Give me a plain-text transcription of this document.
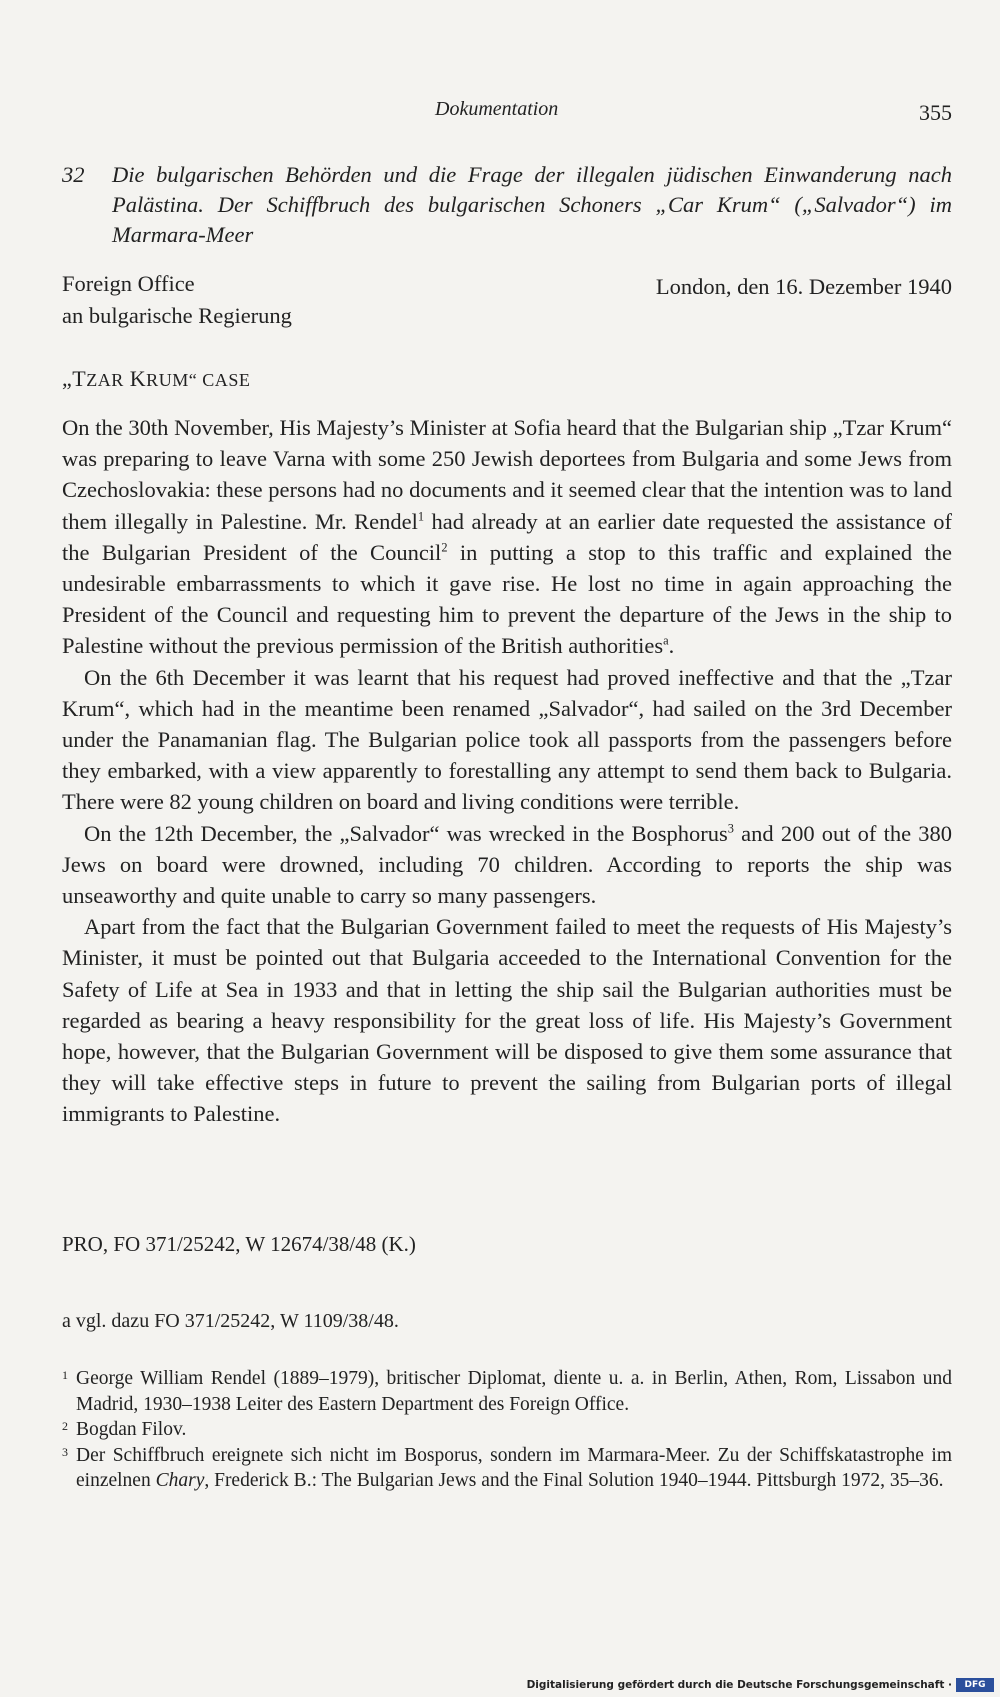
Dokumentation	355
32 Die bulgarischen Behörden und die Frage der illegalen jüdischen Einwanderung nach Palästina. Der Schiffbruch des bulgarischen Schoners „Car Krum“ („Salvador“) im Marmara-Meer
Foreign Office
an bulgarische Regierung
London, den 16. Dezember 1940
„TZAR KRUM“ CASE

On the 30th November, His Majesty’s Minister at Sofia heard that the Bulgarian ship „Tzar Krum“ was preparing to leave Varna with some 250 Jewish deportees from Bulgaria and some Jews from Czechoslovakia: these persons had no documents and it seemed clear that the intention was to land them illegally in Palestine. Mr. Rendel$^1$ had already at an earlier date requested the assistance of the Bulgarian President of the Council$^2$ in putting a stop to this traffic and explained the undesirable embarrassments to which it gave rise. He lost no time in again approaching the President of the Council and requesting him to prevent the departure of the Jews in the ship to Palestine without the previous permission of the British authorities$^a$.

On the 6th December it was learnt that his request had proved ineffective and that the „Tzar Krum“, which had in the meantime been renamed „Salvador“, had sailed on the 3rd December under the Panamanian flag. The Bulgarian police took all passports from the passengers before they embarked, with a view apparently to forestalling any attempt to send them back to Bulgaria. There were 82 young children on board and living conditions were terrible.

On the 12th December, the „Salvador“ was wrecked in the Bosphorus$^3$ and 200 out of the 380 Jews on board were drowned, including 70 children. According to reports the ship was unseaworthy and quite unable to carry so many passengers.

Apart from the fact that the Bulgarian Government failed to meet the requests of His Majesty’s Minister, it must be pointed out that Bulgaria acceeded to the International Convention for the Safety of Life at Sea in 1933 and that in letting the ship sail the Bulgarian authorities must be regarded as bearing a heavy responsibility for the great loss of life. His Majesty’s Government hope, however, that the Bulgarian Government will be disposed to give them some assurance that they will take effective steps in future to prevent the sailing from Bulgarian ports of illegal immigrants to Palestine.

PRO, FO 371/25242, W 12674/38/48 (K.)
a vgl. dazu FO 371/25242, W 1109/38/48.
1 George William Rendel (1889–1979), britischer Diplomat, diente u. a. in Berlin, Athen, Rom, Lissabon und Madrid, 1930–1938 Leiter des Eastern Department des Foreign Office.
2 Bogdan Filov.
3 Der Schiffbruch ereignete sich nicht im Bosporus, sondern im Marmara-Meer. Zu der Schiffskatastrophe im einzelnen Chary, Frederick B.: The Bulgarian Jews and the Final Solution 1940–1944. Pittsburgh 1972, 35–36.
Digitalisierung gefördert durch die Deutsche Forschungsgemeinschaft ·	DFG
